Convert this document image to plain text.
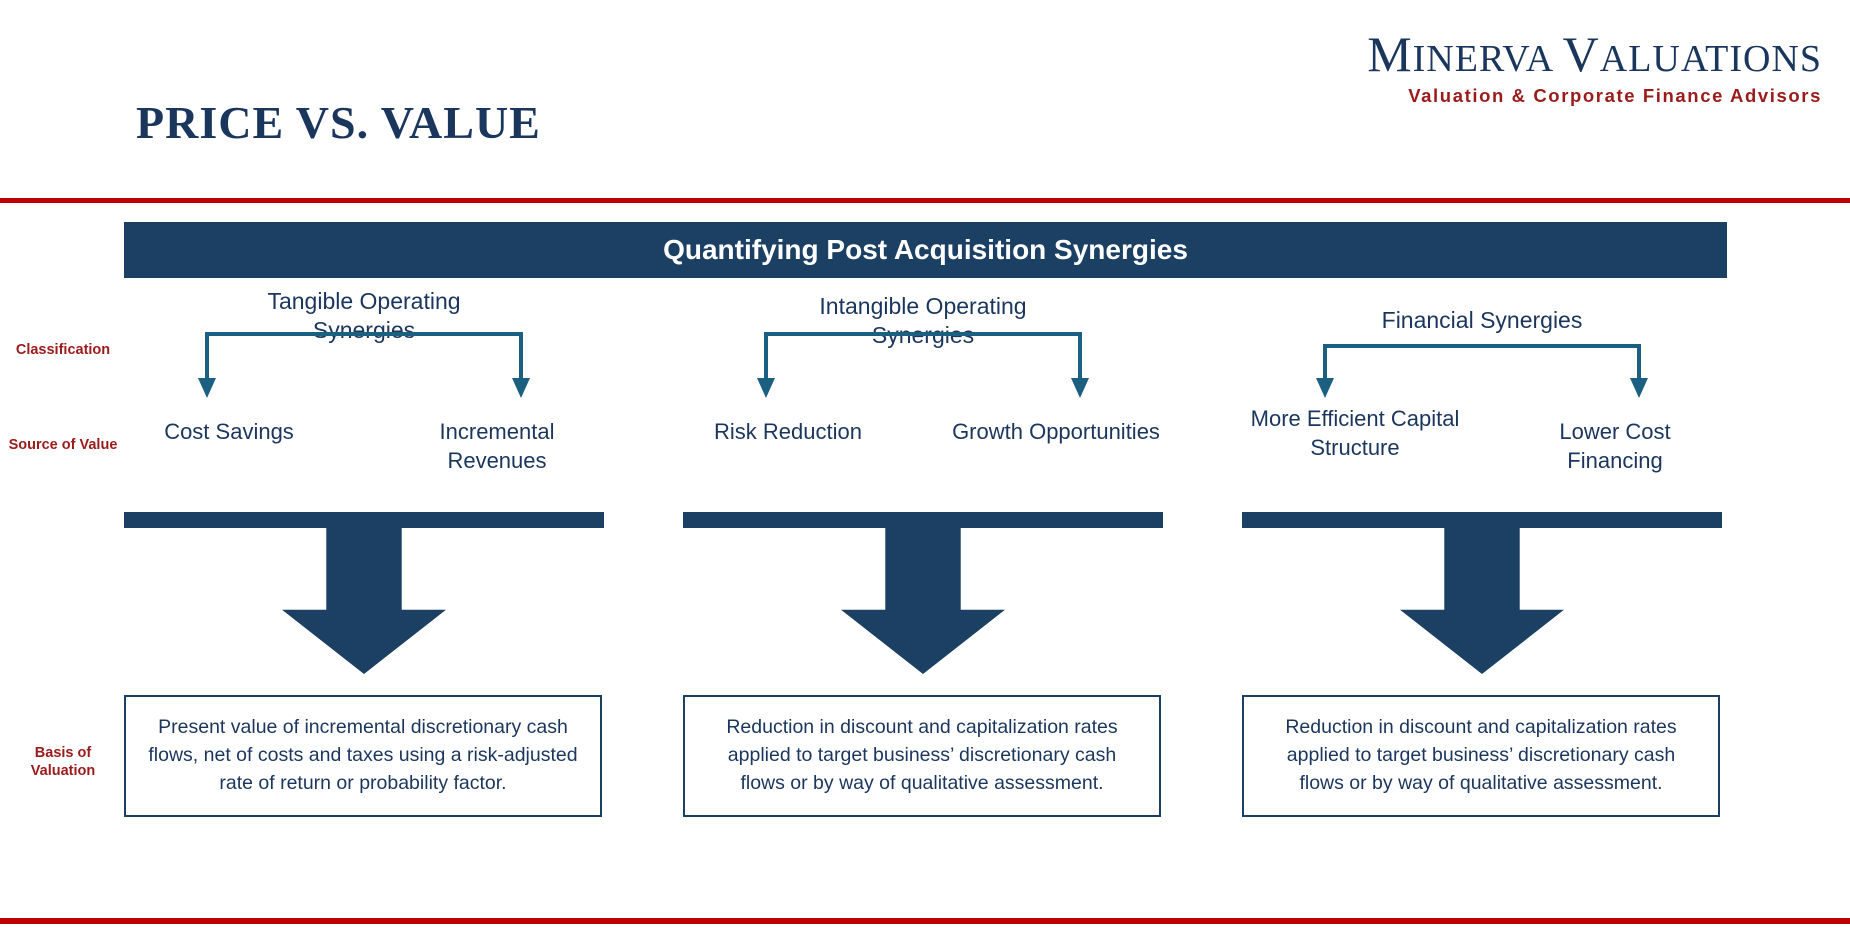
PRICE VS. VALUE
MINERVA VALUATIONS
Valuation & Corporate Finance Advisors
Quantifying Post Acquisition Synergies
Classification
Source of Value
Basis of Valuation
Tangible Operating Synergies
Cost Savings	Incremental Revenues
Present value of incremental discretionary cash flows, net of costs and taxes using a risk-adjusted rate of return or probability factor.
Intangible Operating Synergies
Risk Reduction	Growth Opportunities
Reduction in discount and capitalization rates applied to target business’ discretionary cash flows or by way of qualitative assessment.
Financial Synergies
More Efficient Capital Structure
Lower Cost Financing
Reduction in discount and capitalization rates applied to target business’ discretionary cash flows or by way of qualitative assessment.
